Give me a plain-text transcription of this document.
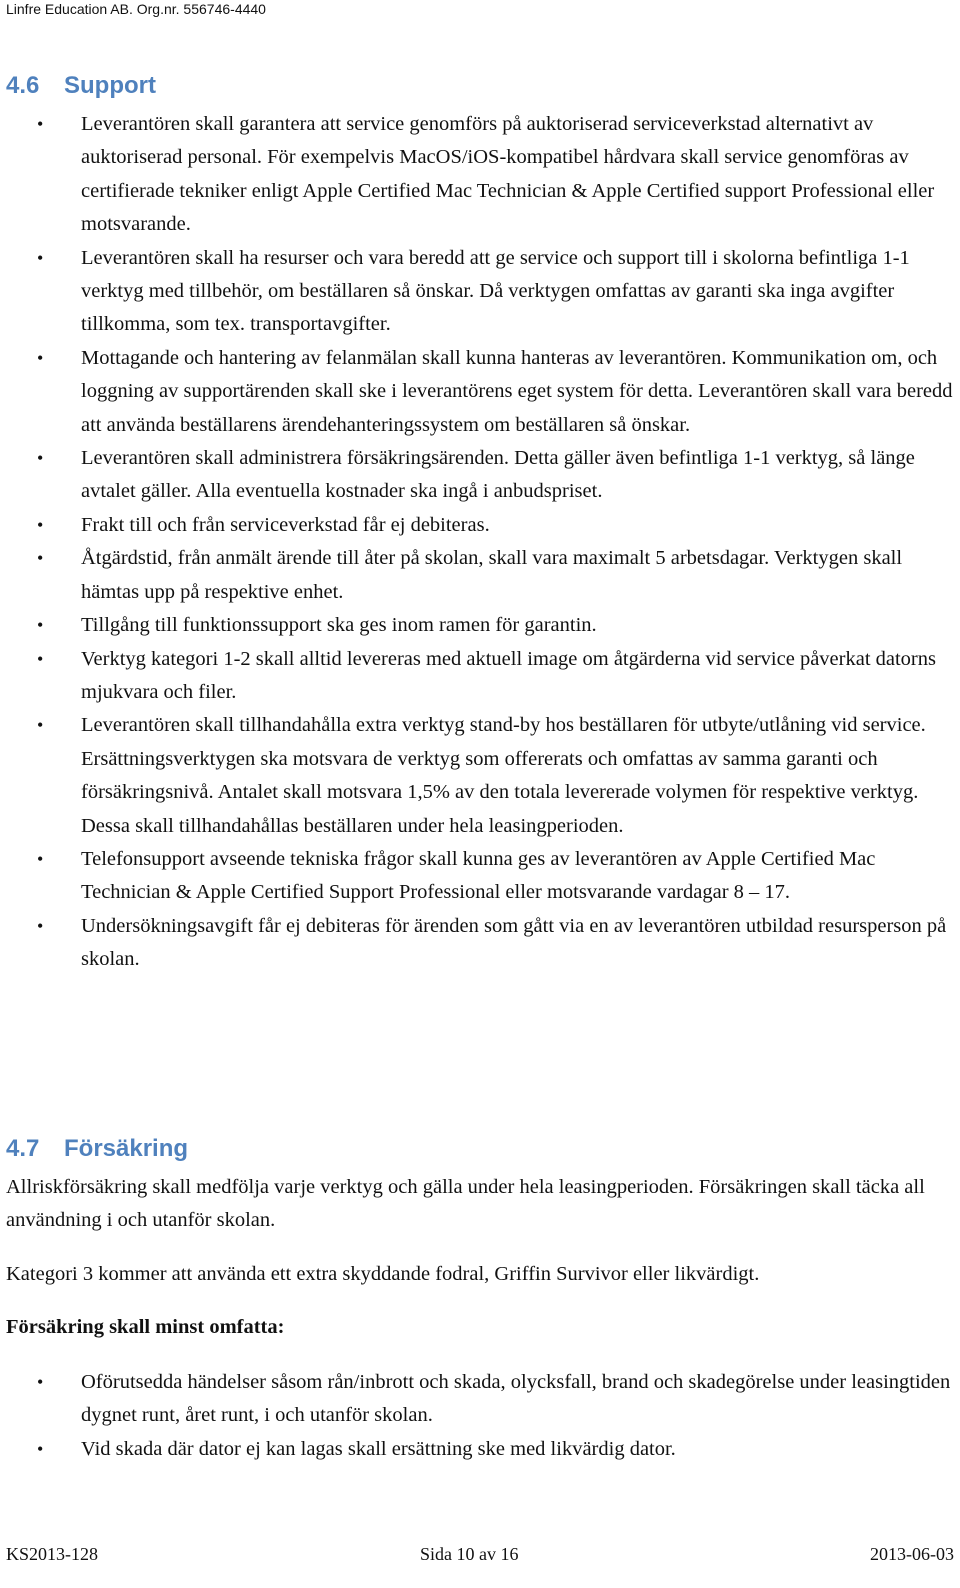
Linfre Education AB. Org.nr. 556746-4440
4.6 Support
• Leverantören skall garantera att service genomförs på auktoriserad serviceverkstad alternativt av auktoriserad personal. För exempelvis MacOS/iOS-kompatibel hårdvara skall service genomföras av certifierade tekniker enligt Apple Certified Mac Technician & Apple Certified support Professional eller motsvarande.
• Leverantören skall ha resurser och vara beredd att ge service och support till i skolorna befintliga 1-1 verktyg med tillbehör, om beställaren så önskar. Då verktygen omfattas av garanti ska inga avgifter tillkomma, som tex. transportavgifter.
• Mottagande och hantering av felanmälan skall kunna hanteras av leverantören. Kommunikation om, och loggning av supportärenden skall ske i leverantörens eget system för detta. Leverantören skall vara beredd att använda beställarens ärendehanteringssystem om beställaren så önskar.
• Leverantören skall administrera försäkringsärenden. Detta gäller även befintliga 1-1 verktyg, så länge avtalet gäller. Alla eventuella kostnader ska ingå i anbudspriset.
• Frakt till och från serviceverkstad får ej debiteras.
• Åtgärdstid, från anmält ärende till åter på skolan, skall vara maximalt 5 arbetsdagar. Verktygen skall hämtas upp på respektive enhet.
• Tillgång till funktionssupport ska ges inom ramen för garantin.
• Verktyg kategori 1-2 skall alltid levereras med aktuell image om åtgärderna vid service påverkat datorns mjukvara och filer.
• Leverantören skall tillhandahålla extra verktyg stand-by hos beställaren för utbyte/utlåning vid service. Ersättningsverktygen ska motsvara de verktyg som offererats och omfattas av samma garanti och försäkringsnivå. Antalet skall motsvara 1,5% av den totala levererade volymen för respektive verktyg. Dessa skall tillhandahållas beställaren under hela leasingperioden.
• Telefonsupport avseende tekniska frågor skall kunna ges av leverantören av Apple Certified Mac Technician & Apple Certified Support Professional eller motsvarande vardagar 8 – 17.
• Undersökningsavgift får ej debiteras för ärenden som gått via en av leverantören utbildad resursperson på skolan.
4.7 Försäkring

Allriskförsäkring skall medfölja varje verktyg och gälla under hela leasingperioden. Försäkringen skall täcka all användning i och utanför skolan.

Kategori 3 kommer att använda ett extra skyddande fodral, Griffin Survivor eller likvärdigt.

Försäkring skall minst omfatta:

• Oförutsedda händelser såsom rån/inbrott och skada, olycksfall, brand och skadegörelse under leasingtiden dygnet runt, året runt, i och utanför skolan.
• Vid skada där dator ej kan lagas skall ersättning ske med likvärdig dator.
KS2013-128	Sida 10 av 16	2013-06-03
